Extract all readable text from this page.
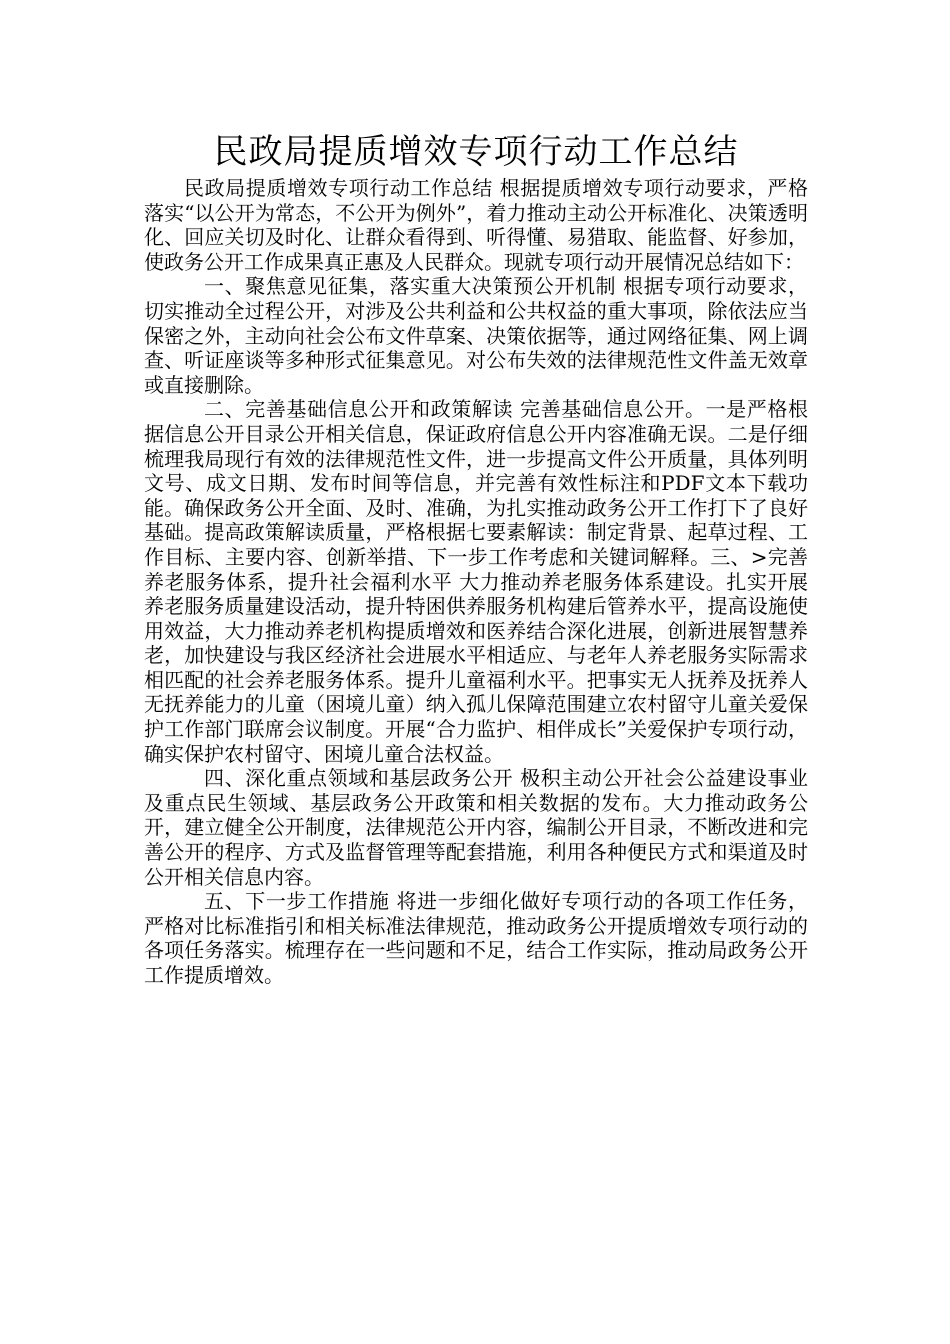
民政局提质增效专项行动工作总结

民政局提质增效专项行动工作总结 根据提质增效专项行动要求，严格落实“以公开为常态，不公开为例外”，着力推动主动公开标准化、决策透明化、回应关切及时化、让群众看得到、听得懂、易猎取、能监督、好参加，使政务公开工作成果真正惠及人民群众。现就专项行动开展情况总结如下：

一、聚焦意见征集，落实重大决策预公开机制 根据专项行动要求，切实推动全过程公开，对涉及公共利益和公共权益的重大事项，除依法应当保密之外，主动向社会公布文件草案、决策依据等，通过网络征集、网上调查、听证座谈等多种形式征集意见。对公布失效的法律规范性文件盖无效章或直接删除。

二、完善基础信息公开和政策解读 完善基础信息公开。一是严格根据信息公开目录公开相关信息，保证政府信息公开内容准确无误。二是仔细梳理我局现行有效的法律规范性文件，进一步提高文件公开质量，具体列明文号、成文日期、发布时间等信息，并完善有效性标注和PDF文本下载功能。确保政务公开全面、及时、准确，为扎实推动政务公开工作打下了良好基础。提高政策解读质量，严格根据七要素解读：制定背景、起草过程、工作目标、主要内容、创新举措、下一步工作考虑和关键词解释。三、>完善养老服务体系，提升社会福利水平 大力推动养老服务体系建设。扎实开展养老服务质量建设活动，提升特困供养服务机构建后管养水平，提高设施使用效益，大力推动养老机构提质增效和医养结合深化进展，创新进展智慧养老，加快建设与我区经济社会进展水平相适应、与老年人养老服务实际需求相匹配的社会养老服务体系。提升儿童福利水平。把事实无人抚养及抚养人无抚养能力的儿童（困境儿童）纳入孤儿保障范围建立农村留守儿童关爱保护工作部门联席会议制度。开展“合力监护、相伴成长”关爱保护专项行动，确实保护农村留守、困境儿童合法权益。

四、深化重点领域和基层政务公开 极积主动公开社会公益建设事业及重点民生领域、基层政务公开政策和相关数据的发布。大力推动政务公开，建立健全公开制度，法律规范公开内容，编制公开目录，不断改进和完善公开的程序、方式及监督管理等配套措施，利用各种便民方式和渠道及时公开相关信息内容。

五、下一步工作措施 将进一步细化做好专项行动的各项工作任务，严格对比标准指引和相关标准法律规范，推动政务公开提质增效专项行动的各项任务落实。梳理存在一些问题和不足，结合工作实际，推动局政务公开工作提质增效。
